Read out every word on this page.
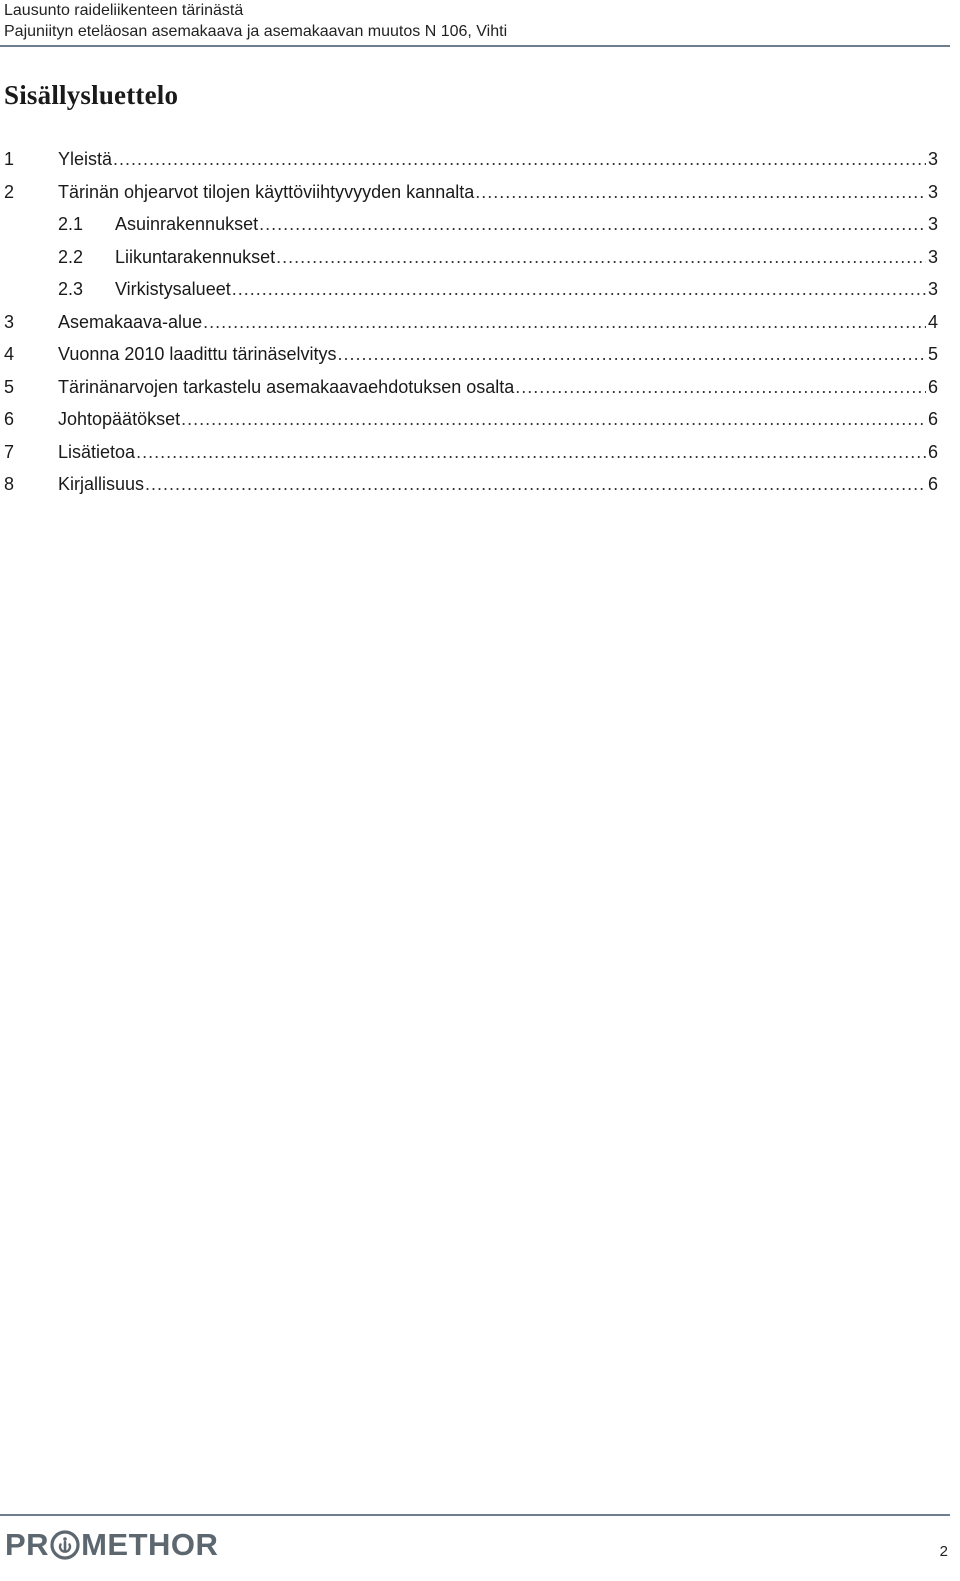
Lausunto raideliikenteen tärinästä
Pajuniityn eteläosan asemakaava ja asemakaavan muutos N 106, Vihti
Sisällysluettelo
1	Yleistä .....	3
2	Tärinän ohjearvot tilojen käyttöviihtyvyyden kannalta .....	3
2.1	Asuinrakennukset .....	3
2.2	Liikuntarakennukset .....	3
2.3	Virkistysalueet .....	3
3	Asemakaava-alue .....	4
4	Vuonna 2010 laadittu tärinäselvitys .....	5
5	Tärinänarvojen tarkastelu asemakaavaehdotuksen osalta .....	6
6	Johtopäätökset .....	6
7	Lisätietoa .....	6
8	Kirjallisuus .....	6
PR METHOR	2
